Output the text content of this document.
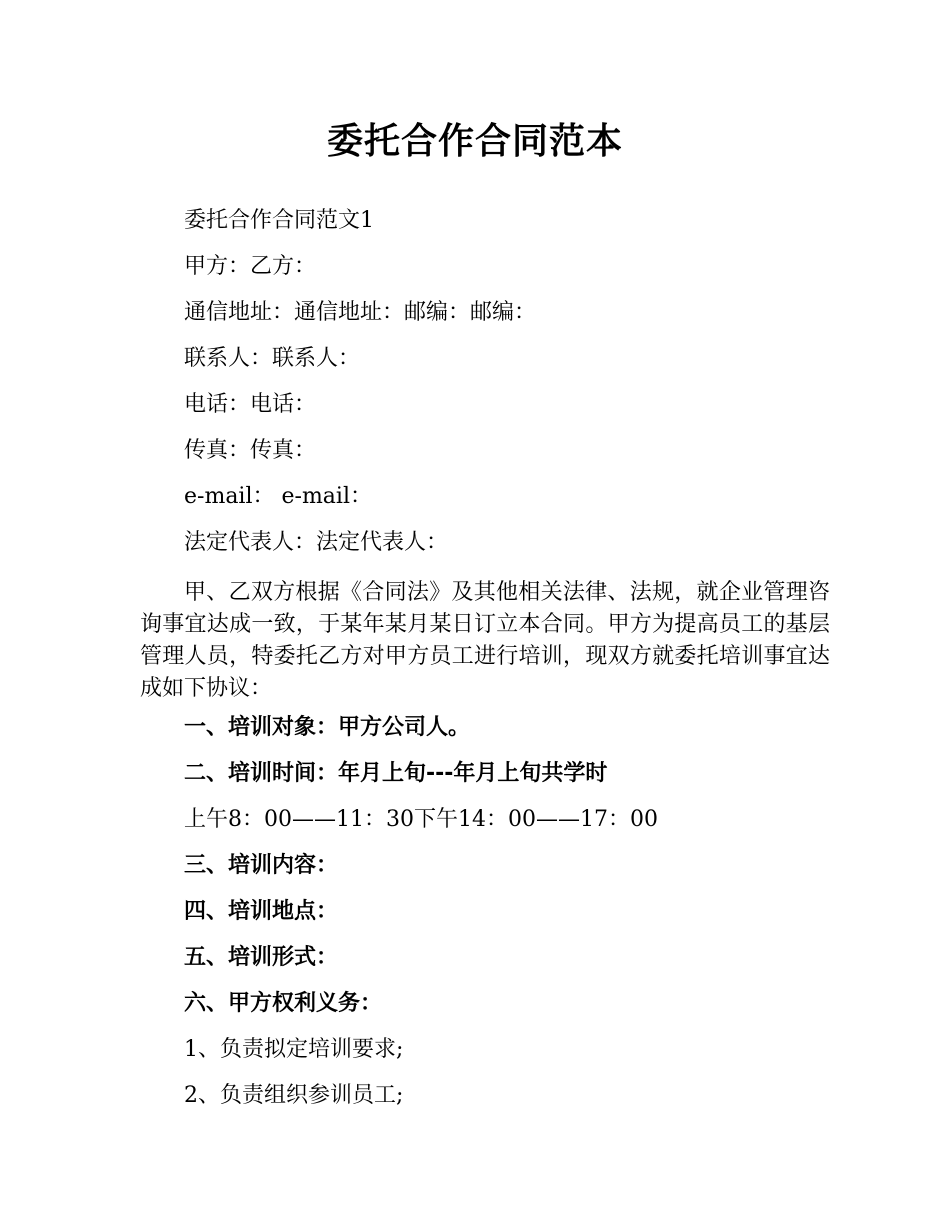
委托合作合同范本
委托合作合同范文1
甲方：乙方：
通信地址：通信地址：邮编：邮编：
联系人：联系人：
电话：电话：
传真：传真：
e-mail： e-mail：
法定代表人：法定代表人：
甲、乙双方根据《合同法》及其他相关法律、法规，就企业管理咨询事宜达成一致，于某年某月某日订立本合同。甲方为提高员工的基层管理人员，特委托乙方对甲方员工进行培训，现双方就委托培训事宜达成如下协议：
一、培训对象：甲方公司人。
二、培训时间：年月上旬---年月上旬共学时
上午8：00——11：30下午14：00——17：00
三、培训内容：
四、培训地点：
五、培训形式：
六、甲方权利义务：
1、负责拟定培训要求;
2、负责组织参训员工;
